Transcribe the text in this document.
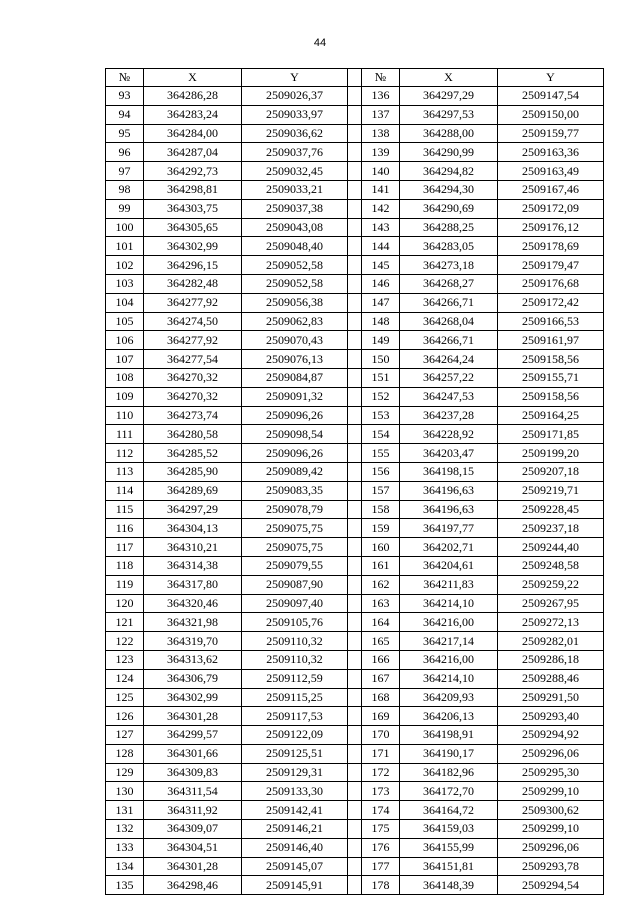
44
№	X	Y		№	X	Y
93	364286,28	2509026,37		136	364297,29	2509147,54
94	364283,24	2509033,97		137	364297,53	2509150,00
95	364284,00	2509036,62		138	364288,00	2509159,77
96	364287,04	2509037,76		139	364290,99	2509163,36
97	364292,73	2509032,45		140	364294,82	2509163,49
98	364298,81	2509033,21		141	364294,30	2509167,46
99	364303,75	2509037,38		142	364290,69	2509172,09
100	364305,65	2509043,08		143	364288,25	2509176,12
101	364302,99	2509048,40		144	364283,05	2509178,69
102	364296,15	2509052,58		145	364273,18	2509179,47
103	364282,48	2509052,58		146	364268,27	2509176,68
104	364277,92	2509056,38		147	364266,71	2509172,42
105	364274,50	2509062,83		148	364268,04	2509166,53
106	364277,92	2509070,43		149	364266,71	2509161,97
107	364277,54	2509076,13		150	364264,24	2509158,56
108	364270,32	2509084,87		151	364257,22	2509155,71
109	364270,32	2509091,32		152	364247,53	2509158,56
110	364273,74	2509096,26		153	364237,28	2509164,25
111	364280,58	2509098,54		154	364228,92	2509171,85
112	364285,52	2509096,26		155	364203,47	2509199,20
113	364285,90	2509089,42		156	364198,15	2509207,18
114	364289,69	2509083,35		157	364196,63	2509219,71
115	364297,29	2509078,79		158	364196,63	2509228,45
116	364304,13	2509075,75		159	364197,77	2509237,18
117	364310,21	2509075,75		160	364202,71	2509244,40
118	364314,38	2509079,55		161	364204,61	2509248,58
119	364317,80	2509087,90		162	364211,83	2509259,22
120	364320,46	2509097,40		163	364214,10	2509267,95
121	364321,98	2509105,76		164	364216,00	2509272,13
122	364319,70	2509110,32		165	364217,14	2509282,01
123	364313,62	2509110,32		166	364216,00	2509286,18
124	364306,79	2509112,59		167	364214,10	2509288,46
125	364302,99	2509115,25		168	364209,93	2509291,50
126	364301,28	2509117,53		169	364206,13	2509293,40
127	364299,57	2509122,09		170	364198,91	2509294,92
128	364301,66	2509125,51		171	364190,17	2509296,06
129	364309,83	2509129,31		172	364182,96	2509295,30
130	364311,54	2509133,30		173	364172,70	2509299,10
131	364311,92	2509142,41		174	364164,72	2509300,62
132	364309,07	2509146,21		175	364159,03	2509299,10
133	364304,51	2509146,40		176	364155,99	2509296,06
134	364301,28	2509145,07		177	364151,81	2509293,78
135	364298,46	2509145,91		178	364148,39	2509294,54
